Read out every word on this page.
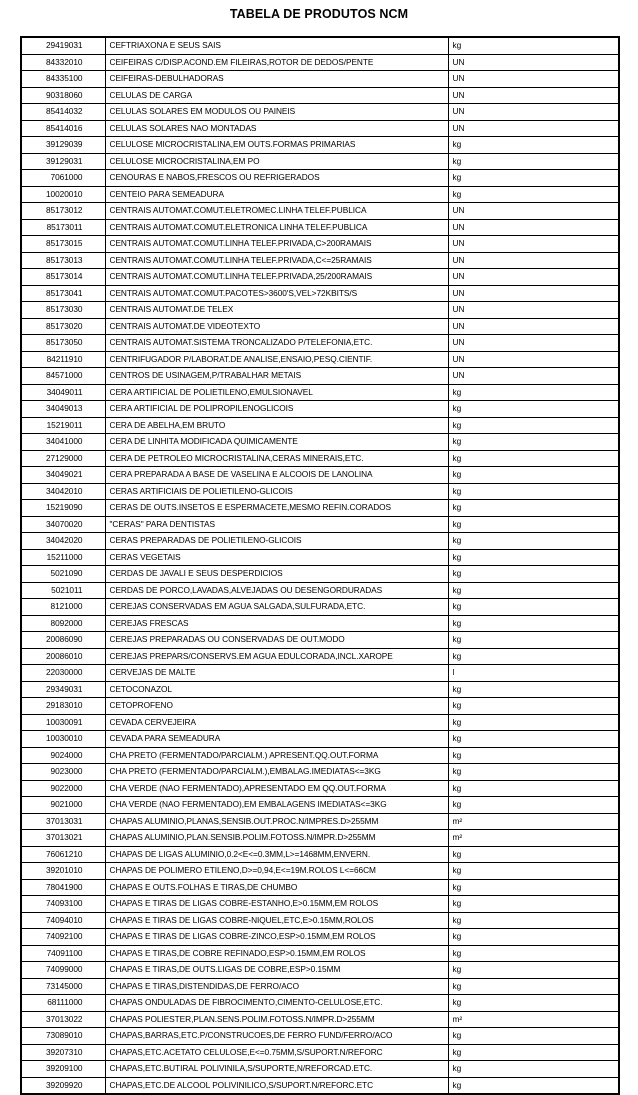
TABELA DE PRODUTOS NCM
29419031	CEFTRIAXONA E SEUS SAIS	kg
84332010	CEIFEIRAS C/DISP.ACOND.EM FILEIRAS,ROTOR DE DEDOS/PENTE	UN
84335100	CEIFEIRAS-DEBULHADORAS	UN
90318060	CELULAS DE CARGA	UN
85414032	CELULAS SOLARES EM MODULOS OU PAINEIS	UN
85414016	CELULAS SOLARES NAO MONTADAS	UN
39129039	CELULOSE MICROCRISTALINA,EM OUTS.FORMAS PRIMARIAS	kg
39129031	CELULOSE MICROCRISTALINA,EM PO	kg
7061000	CENOURAS E NABOS,FRESCOS OU REFRIGERADOS	kg
10020010	CENTEIO PARA SEMEADURA	kg
85173012	CENTRAIS AUTOMAT.COMUT.ELETROMEC.LINHA TELEF.PUBLICA	UN
85173011	CENTRAIS AUTOMAT.COMUT.ELETRONICA LINHA TELEF.PUBLICA	UN
85173015	CENTRAIS AUTOMAT.COMUT.LINHA TELEF.PRIVADA,C>200RAMAIS	UN
85173013	CENTRAIS AUTOMAT.COMUT.LINHA TELEF.PRIVADA,C<=25RAMAIS	UN
85173014	CENTRAIS AUTOMAT.COMUT.LINHA TELEF.PRIVADA,25/200RAMAIS	UN
85173041	CENTRAIS AUTOMAT.COMUT.PACOTES>3600'S,VEL>72KBITS/S	UN
85173030	CENTRAIS AUTOMAT.DE TELEX	UN
85173020	CENTRAIS AUTOMAT.DE VIDEOTEXTO	UN
85173050	CENTRAIS AUTOMAT.SISTEMA TRONCALIZADO P/TELEFONIA,ETC.	UN
84211910	CENTRIFUGADOR P/LABORAT.DE ANALISE,ENSAIO,PESQ.CIENTIF.	UN
84571000	CENTROS DE USINAGEM,P/TRABALHAR METAIS	UN
34049011	CERA ARTIFICIAL DE POLIETILENO,EMULSIONAVEL	kg
34049013	CERA ARTIFICIAL DE POLIPROPILENOGLICOIS	kg
15219011	CERA DE ABELHA,EM BRUTO	kg
34041000	CERA DE LINHITA MODIFICADA QUIMICAMENTE	kg
27129000	CERA DE PETROLEO MICROCRISTALINA,CERAS MINERAIS,ETC.	kg
34049021	CERA PREPARADA A BASE DE VASELINA E ALCOOIS DE LANOLINA	kg
34042010	CERAS ARTIFICIAIS DE POLIETILENO-GLICOIS	kg
15219090	CERAS DE OUTS.INSETOS E ESPERMACETE,MESMO REFIN.CORADOS	kg
34070020	"CERAS" PARA DENTISTAS	kg
34042020	CERAS PREPARADAS DE POLIETILENO-GLICOIS	kg
15211000	CERAS VEGETAIS	kg
5021090	CERDAS DE JAVALI E SEUS DESPERDICIOS	kg
5021011	CERDAS DE PORCO,LAVADAS,ALVEJADAS OU DESENGORDURADAS	kg
8121000	CEREJAS CONSERVADAS EM AGUA SALGADA,SULFURADA,ETC.	kg
8092000	CEREJAS FRESCAS	kg
20086090	CEREJAS PREPARADAS OU CONSERVADAS DE OUT.MODO	kg
20086010	CEREJAS PREPARS/CONSERVS.EM AGUA EDULCORADA,INCL.XAROPE	kg
22030000	CERVEJAS DE MALTE	l
29349031	CETOCONAZOL	kg
29183010	CETOPROFENO	kg
10030091	CEVADA CERVEJEIRA	kg
10030010	CEVADA PARA SEMEADURA	kg
9024000	CHA PRETO (FERMENTADO/PARCIALM.) APRESENT.QQ.OUT.FORMA	kg
9023000	CHA PRETO (FERMENTADO/PARCIALM.),EMBALAG.IMEDIATAS<=3KG	kg
9022000	CHA VERDE (NAO FERMENTADO),APRESENTADO EM QQ.OUT.FORMA	kg
9021000	CHA VERDE (NAO FERMENTADO),EM EMBALAGENS IMEDIATAS<=3KG	kg
37013031	CHAPAS ALUMINIO,PLANAS,SENSIB.OUT.PROC.N/IMPRES.D>255MM	m²
37013021	CHAPAS ALUMINIO,PLAN.SENSIB.POLIM.FOTOSS.N/IMPR.D>255MM	m²
76061210	CHAPAS DE LIGAS ALUMINIO,0.2<E<=0.3MM,L>=1468MM,ENVERN.	kg
39201010	CHAPAS DE POLIMERO ETILENO,D>=0,94,E<=19M.ROLOS L<=66CM	kg
78041900	CHAPAS E OUTS.FOLHAS E TIRAS,DE CHUMBO	kg
74093100	CHAPAS E TIRAS DE LIGAS COBRE-ESTANHO,E>0.15MM,EM ROLOS	kg
74094010	CHAPAS E TIRAS DE LIGAS COBRE-NIQUEL,ETC,E>0.15MM,ROLOS	kg
74092100	CHAPAS E TIRAS DE LIGAS COBRE-ZINCO,ESP>0.15MM,EM ROLOS	kg
74091100	CHAPAS E TIRAS,DE COBRE REFINADO,ESP>0.15MM,EM ROLOS	kg
74099000	CHAPAS E TIRAS,DE OUTS.LIGAS DE COBRE,ESP>0.15MM	kg
73145000	CHAPAS E TIRAS,DISTENDIDAS,DE FERRO/ACO	kg
68111000	CHAPAS ONDULADAS DE FIBROCIMENTO,CIMENTO-CELULOSE,ETC.	kg
37013022	CHAPAS POLIESTER,PLAN.SENS.POLIM.FOTOSS.N/IMPR.D>255MM	m²
73089010	CHAPAS,BARRAS,ETC.P/CONSTRUCOES,DE FERRO FUND/FERRO/ACO	kg
39207310	CHAPAS,ETC.ACETATO CELULOSE,E<=0.75MM,S/SUPORT.N/REFORC	kg
39209100	CHAPAS,ETC.BUTIRAL POLIVINILA,S/SUPORTE,N/REFORCAD.ETC.	kg
39209920	CHAPAS,ETC.DE ALCOOL POLIVINILICO,S/SUPORT.N/REFORC.ETC	kg
